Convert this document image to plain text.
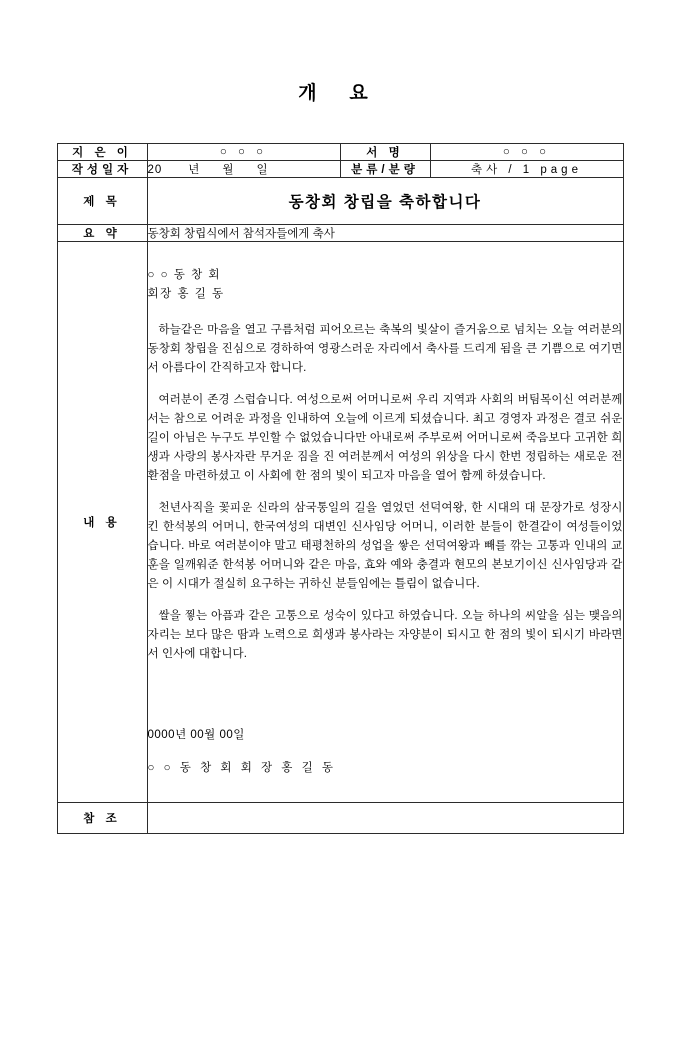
개 요
지 은 이	○ ○ ○	서 명	○ ○ ○
작성일자	20 년 월 일	분류/분량	축사 / 1 page
제 목	동창회 창립을 축하합니다		
요 약	동창회 창립식에서 참석자들에게 축사		
내 용	

○ ○ 동 창 회

회장 홍 길 동

하늘같은 마음을 열고 구름처럼 피어오르는 축복의 빛살이 즐거움으로 넘치는 오늘 여러분의 동창회 창립을 진심으로 경하하여 영광스러운 자리에서 축사를 드리게 됨을 큰 기쁨으로 여기면서 아름다이 간직하고자 합니다.

여러분이 존경 스럽습니다. 여성으로써 어머니로써 우리 지역과 사회의 버팀목이신 여러분께서는 참으로 어려운 과정을 인내하여 오늘에 이르게 되셨습니다. 최고 경영자 과정은 결코 쉬운 길이 아님은 누구도 부인할 수 없었습니다만 아내로써 주부로써 어머니로써 죽음보다 고귀한 희생과 사랑의 봉사자란 무거운 짐을 진 여러분께서 여성의 위상을 다시 한번 정립하는 새로운 전환점을 마련하셨고 이 사회에 한 점의 빛이 되고자 마음을 열어 함께 하셨습니다.

천년사직을 꽃피운 신라의 삼국통일의 길을 열었던 선덕여왕, 한 시대의 대 문장가로 성장시킨 한석봉의 어머니, 한국여성의 대변인 신사임당 어머니, 이러한 분들이 한결같이 여성들이었습니다. 바로 여러분이야 말고 태평천하의 성업을 쌓은 선덕여왕과 빼를 깎는 고통과 인내의 교훈을 일깨워준 한석봉 어머니와 같은 마음, 효와 예와 충결과 현모의 본보기이신 신사임당과 같은 이 시대가 절실히 요구하는 귀하신 분들임에는 틀림이 없습니다.

쌀을 찧는 아픔과 같은 고통으로 성숙이 있다고 하였습니다. 오늘 하나의 씨알을 심는 맺음의 자리는 보다 많은 땀과 노력으로 희생과 봉사라는 자양분이 되시고 한 점의 빛이 되시기 바라면서 인사에 대합니다.

0000년 00월 00일

○ ○ 동 창 회 회 장 홍 길 동

참 조			
